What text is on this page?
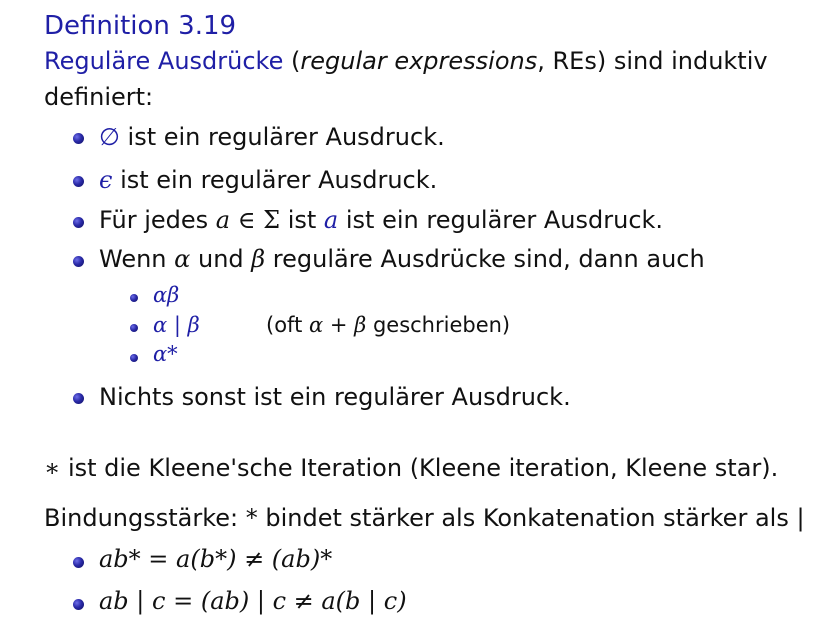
Definition 3.19
Reguläre Ausdrücke (regular expressions, REs) sind induktiv
definiert:
∅ ist ein regulärer Ausdruck.
ϵ ist ein regulärer Ausdruck.
Für jedes a ∈ Σ ist a ist ein regulärer Ausdruck.
Wenn α und β reguläre Ausdrücke sind, dann auch
αβ
α | β	(oft α + β geschrieben)
α*
Nichts sonst ist ein regulärer Ausdruck.
∗ ist die Kleene'sche Iteration (Kleene iteration, Kleene star).
Bindungsstärke: * bindet stärker als Konkatenation stärker als |
ab* = a(b*) ≠ (ab)*
ab | c = (ab) | c ≠ a(b | c)
